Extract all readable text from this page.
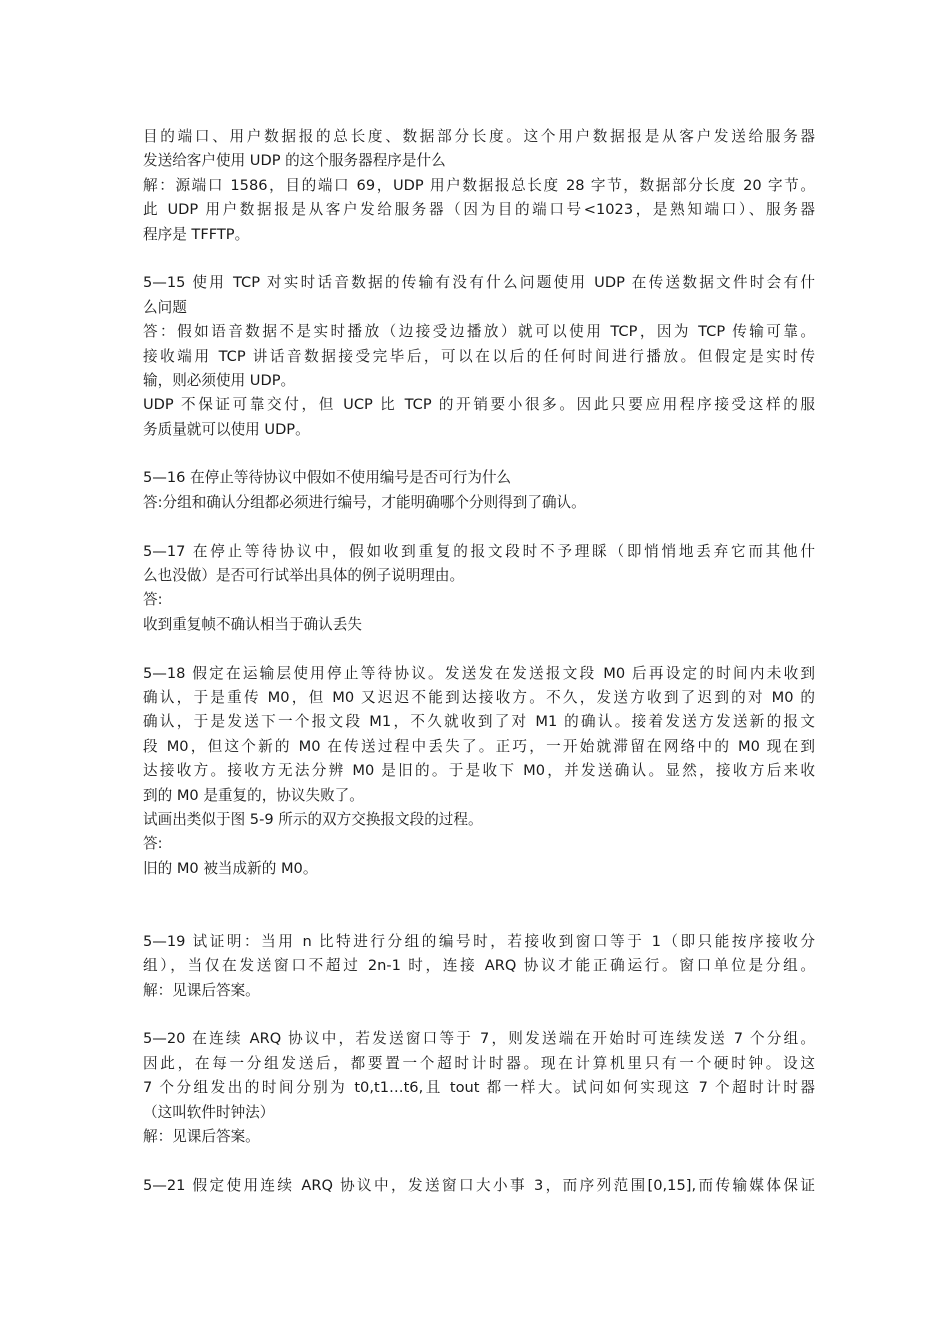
目的端口、用户数据报的总长度、数据部分长度。这个用户数据报是从客户发送给服务器
发送给客户使用 UDP 的这个服务器程序是什么
解：源端口 1586，目的端口 69，UDP 用户数据报总长度 28 字节，数据部分长度 20 字节。
此 UDP 用户数据报是从客户发给服务器（因为目的端口号<1023，是熟知端口）、服务器
程序是 TFFTP。
5—15 使用 TCP 对实时话音数据的传输有没有什么问题使用 UDP 在传送数据文件时会有什
么问题
答：假如语音数据不是实时播放（边接受边播放）就可以使用 TCP，因为 TCP 传输可靠。
接收端用 TCP 讲话音数据接受完毕后，可以在以后的任何时间进行播放。但假定是实时传
输，则必须使用 UDP。
UDP 不保证可靠交付，但 UCP 比 TCP 的开销要小很多。因此只要应用程序接受这样的服
务质量就可以使用 UDP。
5—16 在停止等待协议中假如不使用编号是否可行为什么
答:分组和确认分组都必须进行编号，才能明确哪个分则得到了确认。
5—17 在停止等待协议中，假如收到重复的报文段时不予理睬（即悄悄地丢弃它而其他什
么也没做）是否可行试举出具体的例子说明理由。
答:
收到重复帧不确认相当于确认丢失
5—18 假定在运输层使用停止等待协议。发送发在发送报文段 M0 后再设定的时间内未收到
确认，于是重传 M0，但 M0 又迟迟不能到达接收方。不久，发送方收到了迟到的对 M0 的
确认，于是发送下一个报文段 M1，不久就收到了对 M1 的确认。接着发送方发送新的报文
段 M0，但这个新的 M0 在传送过程中丢失了。正巧，一开始就滞留在网络中的 M0 现在到
达接收方。接收方无法分辨 M0 是旧的。于是收下 M0，并发送确认。显然，接收方后来收
到的 M0 是重复的，协议失败了。
试画出类似于图 5-9 所示的双方交换报文段的过程。
答:
旧的 M0 被当成新的 M0。
5—19 试证明：当用 n 比特进行分组的编号时，若接收到窗口等于 1（即只能按序接收分
组），当仅在发送窗口不超过 2n-1 时，连接 ARQ 协议才能正确运行。窗口单位是分组。
解：见课后答案。
5—20 在连续 ARQ 协议中，若发送窗口等于 7，则发送端在开始时可连续发送 7 个分组。
因此，在每一分组发送后，都要置一个超时计时器。现在计算机里只有一个硬时钟。设这
7 个分组发出的时间分别为 t0,t1…t6,且 tout 都一样大。试问如何实现这 7 个超时计时器
（这叫软件时钟法）
解：见课后答案。
5—21 假定使用连续 ARQ 协议中，发送窗口大小事 3，而序列范围[0,15],而传输媒体保证
